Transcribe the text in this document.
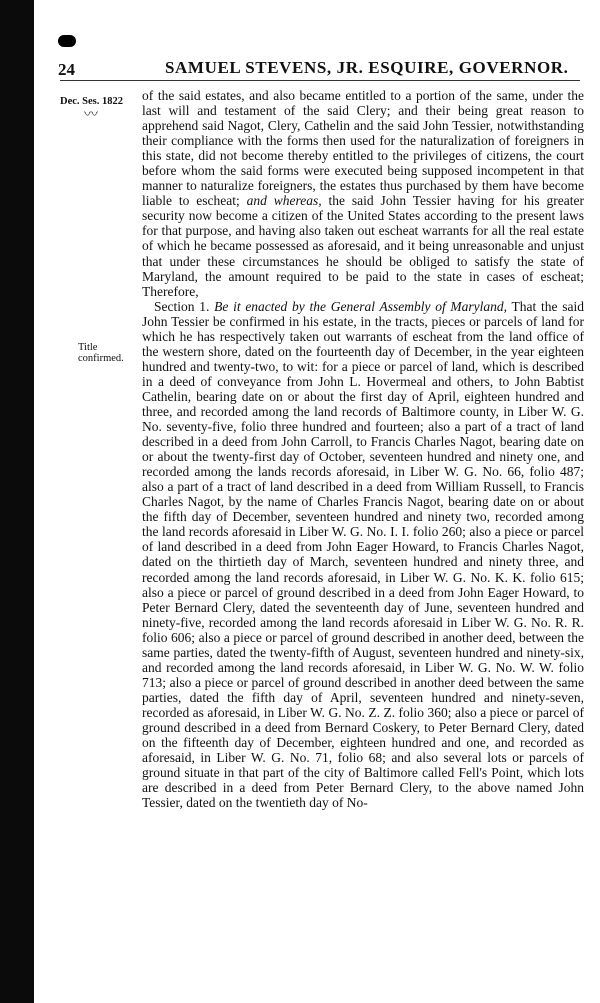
24	SAMUEL STEVENS, JR. ESQUIRE, GOVERNOR.
Dec. Ses. 1822
〰
Title confirmed.

of the said estates, and also became entitled to a portion of the same, under the last will and testament of the said Clery; and their being great reason to apprehend said Nagot, Clery, Cathelin and the said John Tessier, notwithstanding their compliance with the forms then used for the naturalization of foreigners in this state, did not become thereby entitled to the privileges of citizens, the court before whom the said forms were executed being supposed incompetent in that manner to naturalize foreigners, the estates thus purchased by them have become liable to escheat; and whereas, the said John Tessier having for his greater security now become a citizen of the United States according to the present laws for that purpose, and having also taken out escheat warrants for all the real estate of which he became possessed as aforesaid, and it being unreasonable and unjust that under these circumstances he should be obliged to satisfy the state of Maryland, the amount required to be paid to the state in cases of escheat; Therefore,

Section 1. Be it enacted by the General Assembly of Maryland, That the said John Tessier be confirmed in his estate, in the tracts, pieces or parcels of land for which he has respectively taken out warrants of escheat from the land office of the western shore, dated on the fourteenth day of December, in the year eighteen hundred and twenty-two, to wit: for a piece or parcel of land, which is described in a deed of conveyance from John L. Hovermeal and others, to John Babtist Cathelin, bearing date on or about the first day of April, eighteen hundred and three, and recorded among the land records of Baltimore county, in Liber W. G. No. seventy-five, folio three hundred and fourteen; also a part of a tract of land described in a deed from John Carroll, to Francis Charles Nagot, bearing date on or about the twenty-first day of October, seventeen hundred and ninety one, and recorded among the lands records aforesaid, in Liber W. G. No. 66, folio 487; also a part of a tract of land described in a deed from William Russell, to Francis Charles Nagot, by the name of Charles Francis Nagot, bearing date on or about the fifth day of December, seventeen hundred and ninety two, recorded among the land records aforesaid in Liber W. G. No. I. I. folio 260; also a piece or parcel of land described in a deed from John Eager Howard, to Francis Charles Nagot, dated on the thirtieth day of March, seventeen hundred and ninety three, and recorded among the land records aforesaid, in Liber W. G. No. K. K. folio 615; also a piece or parcel of ground described in a deed from John Eager Howard, to Peter Bernard Clery, dated the seventeenth day of June, seventeen hundred and ninety-five, recorded among the land records aforesaid in Liber W. G. No. R. R. folio 606; also a piece or parcel of ground described in another deed, between the same parties, dated the twenty-fifth of August, seventeen hundred and ninety-six, and recorded among the land records aforesaid, in Liber W. G. No. W. W. folio 713; also a piece or parcel of ground described in another deed between the same parties, dated the fifth day of April, seventeen hundred and ninety-seven, recorded as aforesaid, in Liber W. G. No. Z. Z. folio 360; also a piece or parcel of ground described in a deed from Bernard Coskery, to Peter Bernard Clery, dated on the fifteenth day of December, eighteen hundred and one, and recorded as aforesaid, in Liber W. G. No. 71, folio 68; and also several lots or parcels of ground situate in that part of the city of Baltimore called Fell's Point, which lots are described in a deed from Peter Bernard Clery, to the above named John Tessier, dated on the twentieth day of No-
